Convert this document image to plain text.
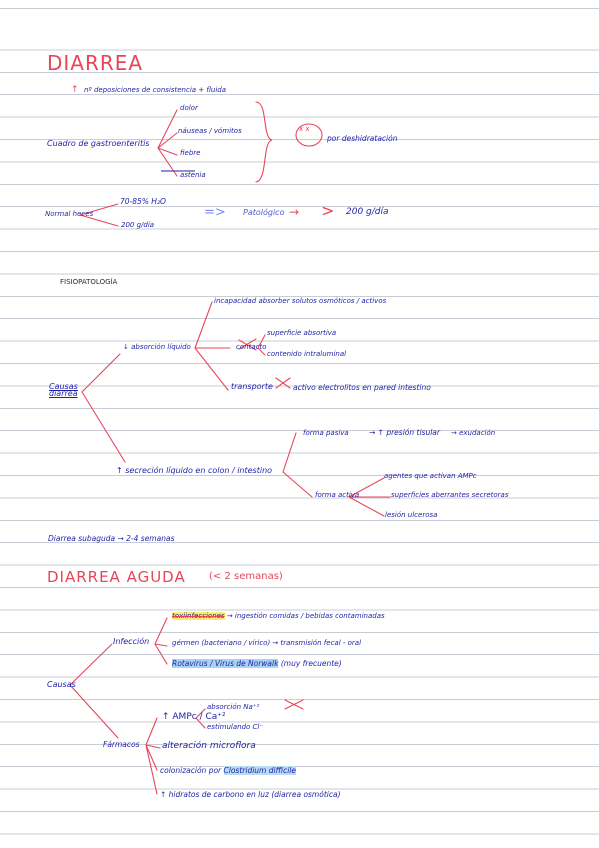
DIARREA
↑ nº deposiciones de consistencia + fluida
Cuadro de gastroenteritis
dolor
náuseas / vómitos
fiebre
astenia
x x
por deshidratación
Normal heces
70-85% H₂O
200 g/día
=> Patológico → > 200 g/día
FISIOPATOLOGÍA
Causas diarrea
↓ absorción líquido
incapacidad absorber solutos osmóticos / activos
contacto
superficie absortiva
contenido intraluminal
transporte	activo electrolitos en pared intestino
↑ secreción líquido en colon / intestino
forma pasiva	→ ↑ presión tisular → exudación
forma activa
agentes que activan AMPc
superficies aberrantes secretoras
lesión ulcerosa
Diarrea subaguda → 2-4 semanas
DIARREA AGUDA (< 2 semanas)
Causas
Infección
toxiinfecciones → ingestión comidas / bebidas contaminadas
gérmen (bacteriano / vírico) → transmisión fecal - oral
Rotavirus / Virus de Norwalk (muy frecuente)
Fármacos
↑ AMPc / Ca⁺²
absorción Na⁺²
estimulando Cl⁻
alteración microflora
colonización por Clostridium difficile
↑ hidratos de carbono en luz (diarrea osmótica)
